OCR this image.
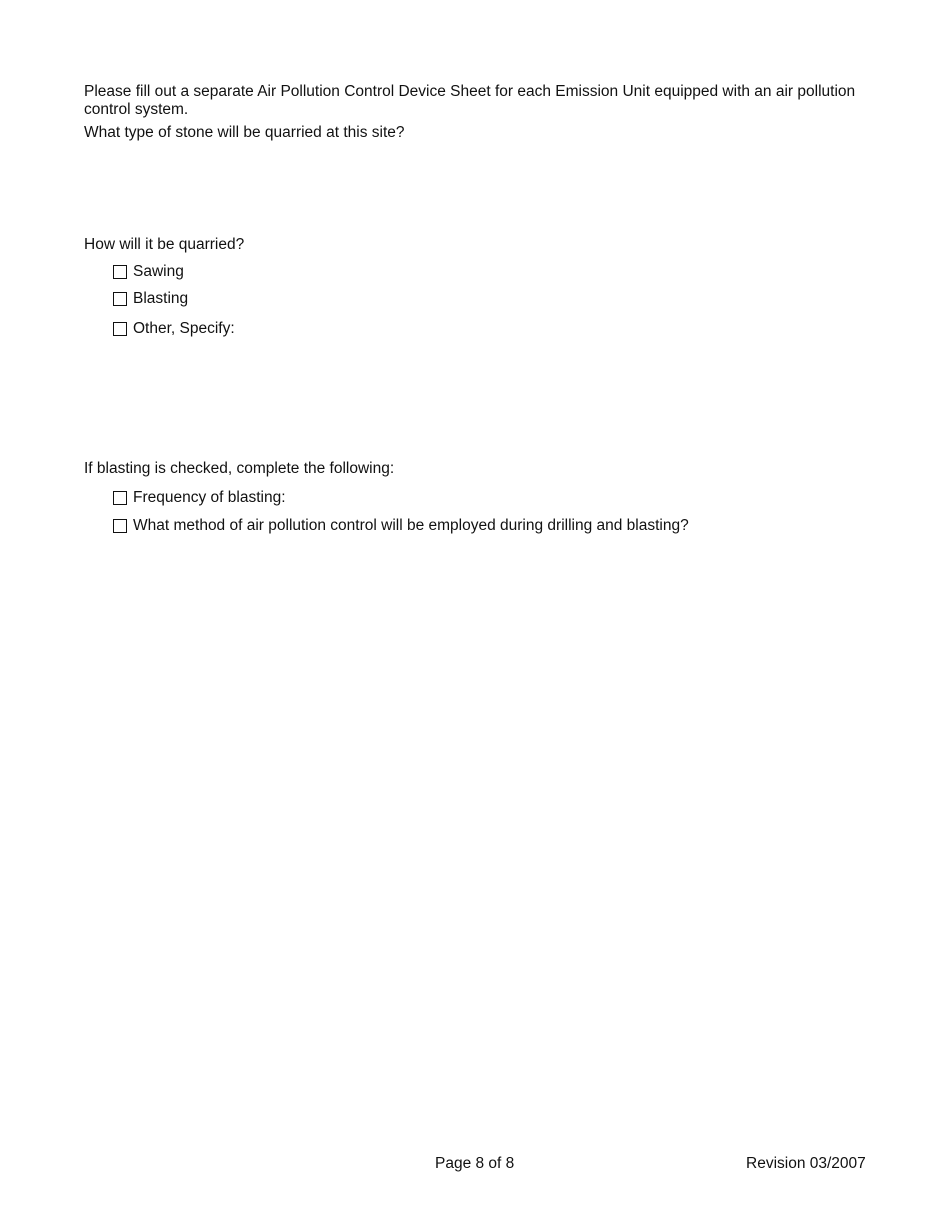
Please fill out a separate Air Pollution Control Device Sheet for each Emission Unit equipped with an air pollution control system.
What type of stone will be quarried at this site?
How will it be quarried?
Sawing
Blasting
Other, Specify:
If blasting is checked, complete the following:
Frequency of blasting:
What method of air pollution control will be employed during drilling and blasting?
Page 8 of 8	Revision 03/2007
